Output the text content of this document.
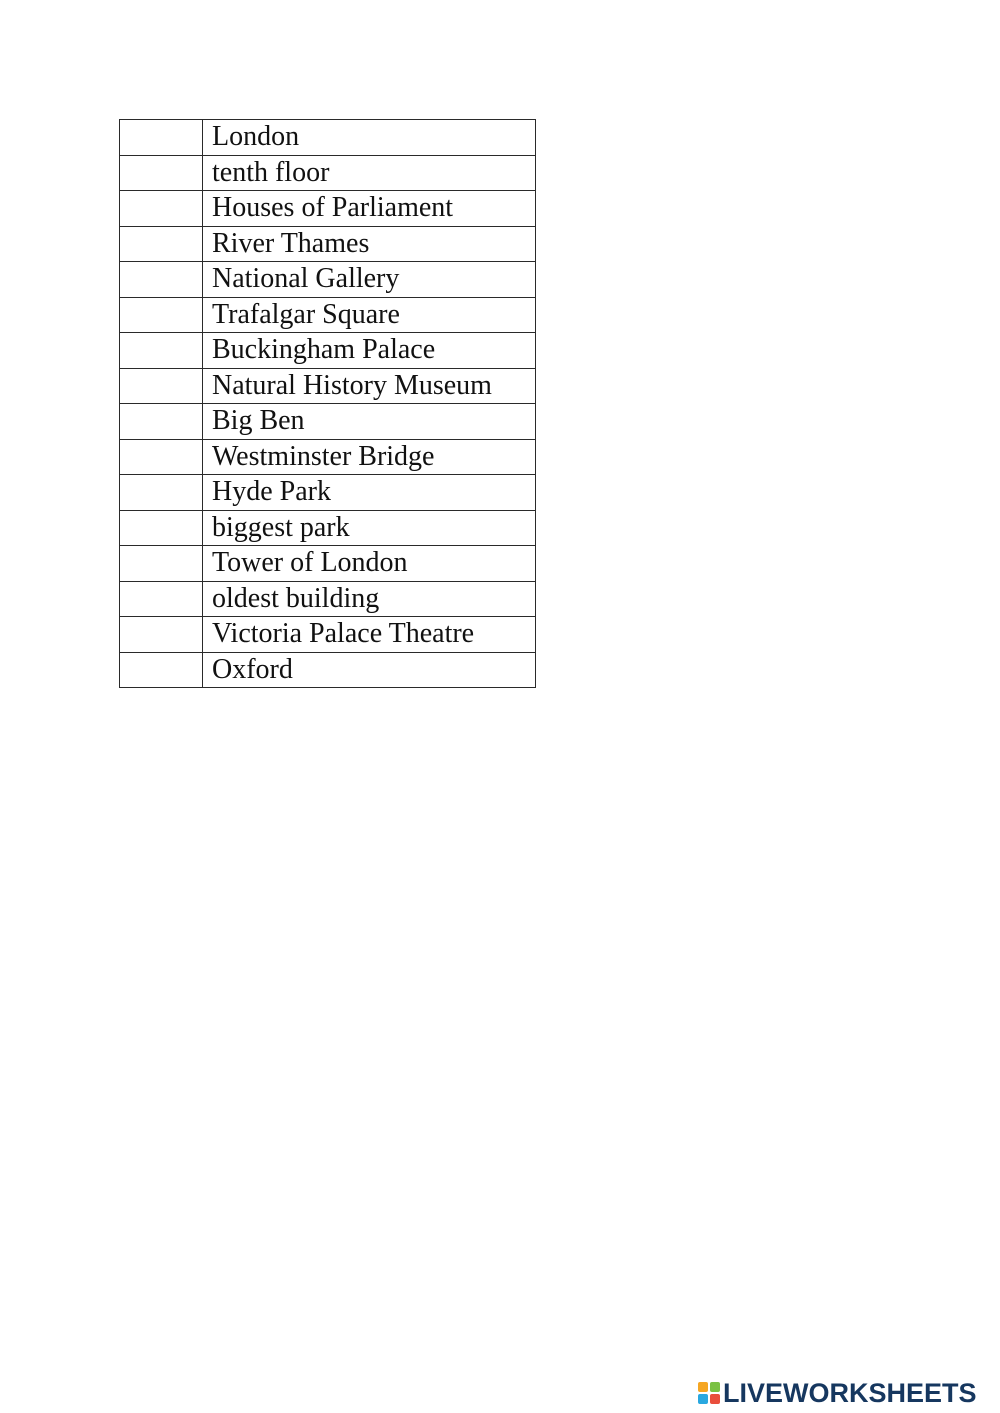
	London
	tenth floor
	Houses of Parliament
	River Thames
	National Gallery
	Trafalgar Square
	Buckingham Palace
	Natural History Museum
	Big Ben
	Westminster Bridge
	Hyde Park
	biggest park
	Tower of London
	oldest building
	Victoria Palace Theatre
	Oxford
LIVEWORKSHEETS
